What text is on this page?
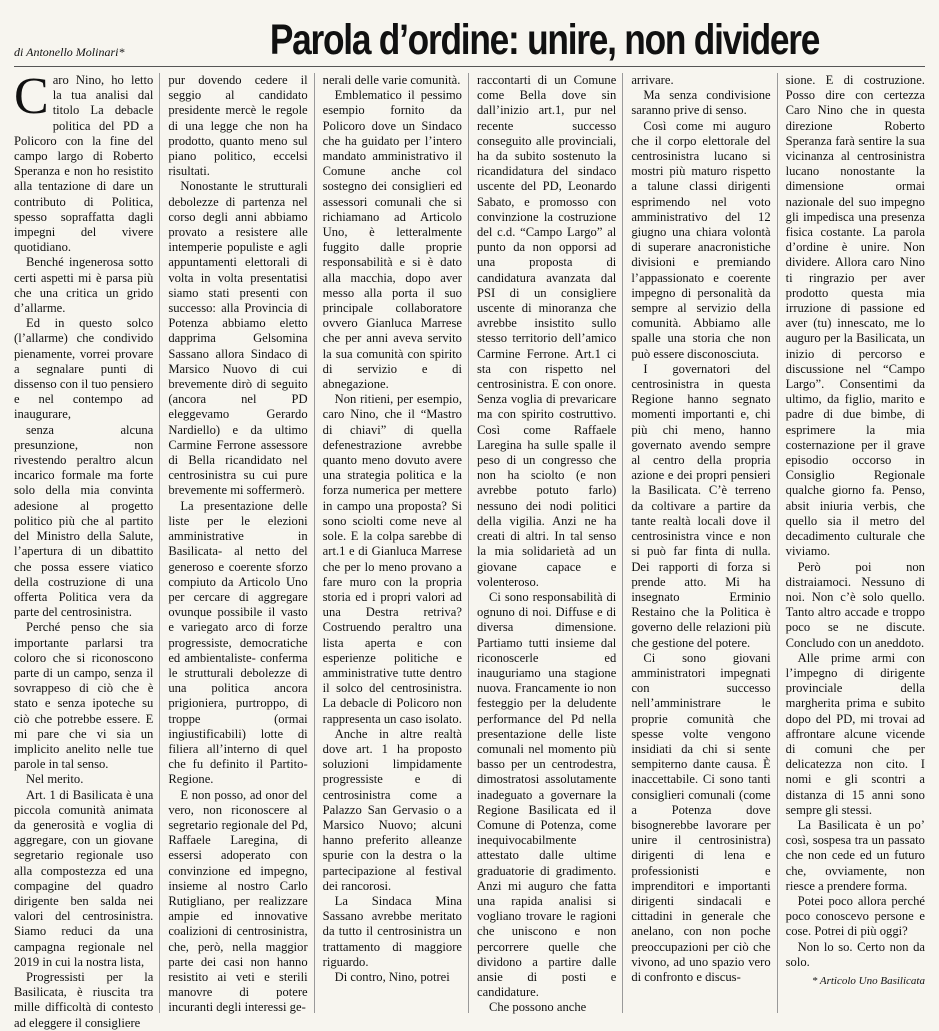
di Antonello Molinari*	Parola d’ordine: unire, non dividere

Caro Nino, ho letto la tua analisi dal titolo La debacle politica del PD a Policoro con la fine del campo largo di Roberto Speranza e non ho resistito alla tentazione di dare un contributo di Politica, spesso sopraffatta dagli impegni del vivere quotidiano.

Benché ingenerosa sotto certi aspetti mi è parsa più che una critica un grido d’allarme.

Ed in questo solco (l’allarme) che condivido pienamente, vorrei provare a segnalare punti di dissenso con il tuo pensiero e nel contempo ad inaugurare,

senza alcuna presunzione, non rivestendo peraltro alcun incarico formale ma forte solo della mia convinta adesione al progetto politico più che al partito del Ministro della Salute, l’apertura di un dibattito che possa essere viatico della costruzione di una offerta Politica vera da parte del centrosinistra.

Perché penso che sia importante parlarsi tra coloro che si riconoscono parte di un campo, senza il sovrappeso di ciò che è stato e senza ipoteche su ciò che potrebbe essere. E mi pare che vi sia un implicito anelito nelle tue parole in tal senso.

Nel merito.

Art. 1 di Basilicata è una piccola comunità animata da generosità e voglia di aggregare, con un giovane segretario regionale uso alla compostezza ed una compagine del quadro dirigente ben salda nei valori del centrosinistra. Siamo reduci da una campagna regionale nel 2019 in cui la nostra lista,

Progressisti per la Basilicata, è riuscita tra mille difficoltà di contesto ad eleggere il consigliere

pur dovendo cedere il seggio al candidato presidente mercè le regole di una legge che non ha prodotto, quanto meno sul piano politico, eccelsi risultati.

Nonostante le strutturali debolezze di partenza nel corso degli anni abbiamo provato a resistere alle intemperie populiste e agli appuntamenti elettorali di volta in volta presentatisi siamo stati presenti con successo: alla Provincia di Potenza abbiamo eletto dapprima Gelsomina Sassano allora Sindaco di Marsico Nuovo di cui brevemente dirò di seguito (ancora nel PD eleggevamo Gerardo Nardiello) e da ultimo Carmine Ferrone assessore di Bella ricandidato nel centrosinistra su cui pure brevemente mi soffermerò.

La presentazione delle liste per le elezioni amministrative in Basilicata- al netto del generoso e coerente sforzo compiuto da Articolo Uno per cercare di aggregare ovunque possibile il vasto e variegato arco di forze progressiste, democratiche ed ambientaliste- conferma le strutturali debolezze di una politica ancora prigioniera, purtroppo, di troppe (ormai ingiustificabili) lotte di filiera all’interno di quel che fu definito il Partito-Regione.

E non posso, ad onor del vero, non riconoscere al segretario regionale del Pd, Raffaele Laregina, di essersi adoperato con convinzione ed impegno, insieme al nostro Carlo Rutigliano, per realizzare ampie ed innovative coalizioni di centrosinistra, che, però, nella maggior parte dei casi non hanno resistito ai veti e sterili manovre di potere incuranti degli interessi ge-

nerali delle varie comunità.

Emblematico il pessimo esempio fornito da Policoro dove un Sindaco che ha guidato per l’intero mandato amministrativo il Comune anche col sostegno dei consiglieri ed assessori comunali che si richiamano ad Articolo Uno, è letteralmente fuggito dalle proprie responsabilità e si è dato alla macchia, dopo aver messo alla porta il suo principale collaboratore ovvero Gianluca Marrese che per anni aveva servito la sua comunità con spirito di servizio e di abnegazione.

Non ritieni, per esempio, caro Nino, che il “Mastro di chiavi” di quella defenestrazione avrebbe quanto meno dovuto avere una strategia politica e la forza numerica per mettere in campo una proposta? Si sono sciolti come neve al sole. E la colpa sarebbe di art.1 e di Gianluca Marrese che per lo meno provano a fare muro con la propria storia ed i propri valori ad una Destra retriva? Costruendo peraltro una lista aperta e con esperienze politiche e amministrative tutte dentro il solco del centrosinistra. La debacle di Policoro non rappresenta un caso isolato.

Anche in altre realtà dove art. 1 ha proposto soluzioni limpidamente progressiste e di centrosinistra come a Palazzo San Gervasio o a Marsico Nuovo; alcuni hanno preferito alleanze spurie con la destra o la partecipazione al festival dei rancorosi.

La Sindaca Mina Sassano avrebbe meritato da tutto il centrosinistra un trattamento di maggiore riguardo.

Di contro, Nino, potrei

raccontarti di un Comune come Bella dove sin dall’inizio art.1, pur nel recente successo conseguito alle provinciali, ha da subito sostenuto la ricandidatura del sindaco uscente del PD, Leonardo Sabato, e promosso con convinzione la costruzione del c.d. “Campo Largo” al punto da non opporsi ad una proposta di candidatura avanzata dal PSI di un consigliere uscente di minoranza che avrebbe insistito sullo stesso territorio dell’amico Carmine Ferrone. Art.1 ci sta con rispetto nel centrosinistra. E con onore. Senza voglia di prevaricare ma con spirito costruttivo. Così come Raffaele Laregina ha sulle spalle il peso di un congresso che non ha sciolto (e non avrebbe potuto farlo) nessuno dei nodi politici della vigilia. Anzi ne ha creati di altri. In tal senso la mia solidarietà ad un giovane capace e volenteroso.

Ci sono responsabilità di ognuno di noi. Diffuse e di diversa dimensione. Partiamo tutti insieme dal riconoscerle ed inauguriamo una stagione nuova. Francamente io non festeggio per la deludente performance del Pd nella presentazione delle liste comunali nel momento più basso per un centrodestra, dimostratosi assolutamente inadeguato a governare la Regione Basilicata ed il Comune di Potenza, come inequivocabilmente attestato dalle ultime graduatorie di gradimento. Anzi mi auguro che fatta una rapida analisi si vogliano trovare le ragioni che uniscono e non percorrere quelle che dividono a partire dalle ansie di posti e candidature.

Che possono anche

arrivare.

Ma senza condivisione saranno prive di senso.

Così come mi auguro che il corpo elettorale del centrosinistra lucano si mostri più maturo rispetto a talune classi dirigenti esprimendo nel voto amministrativo del 12 giugno una chiara volontà di superare anacronistiche divisioni e premiando l’appassionato e coerente impegno di personalità da sempre al servizio della comunità. Abbiamo alle spalle una storia che non può essere disconosciuta.

I governatori del centrosinistra in questa Regione hanno segnato momenti importanti e, chi più chi meno, hanno governato avendo sempre al centro della propria azione e dei propri pensieri la Basilicata. C’è terreno da coltivare a partire da tante realtà locali dove il centrosinistra vince e non si può far finta di nulla. Dei rapporti di forza si prende atto. Mi ha insegnato Erminio Restaino che la Politica è governo delle relazioni più che gestione del potere.

Ci sono giovani amministratori impegnati con successo nell’amministrare le proprie comunità che spesse volte vengono insidiati da chi si sente sempiterno dante causa. È inaccettabile. Ci sono tanti consiglieri comunali (come a Potenza dove bisognerebbe lavorare per unire il centrosinistra) dirigenti di lena e professionisti e imprenditori e importanti dirigenti sindacali e cittadini in generale che anelano, con non poche preoccupazioni per ciò che vivono, ad uno spazio vero di confronto e discus-

sione. E di costruzione. Posso dire con certezza Caro Nino che in questa direzione Roberto Speranza farà sentire la sua vicinanza al centrosinistra lucano nonostante la dimensione ormai nazionale del suo impegno gli impedisca una presenza fisica costante. La parola d’ordine è unire. Non dividere. Allora caro Nino ti ringrazio per aver prodotto questa mia irruzione di passione ed aver (tu) innescato, me lo auguro per la Basilicata, un inizio di percorso e discussione nel “Campo Largo”. Consentimi da ultimo, da figlio, marito e padre di due bimbe, di esprimere la mia costernazione per il grave episodio occorso in Consiglio Regionale qualche giorno fa. Penso, absit iniuria verbis, che quello sia il metro del decadimento culturale che viviamo.

Però poi non distraiamoci. Nessuno di noi. Non c’è solo quello. Tanto altro accade e troppo poco se ne discute. Concludo con un aneddoto.

Alle prime armi con l’impegno di dirigente provinciale della margherita prima e subito dopo del PD, mi trovai ad affrontare alcune vicende di comuni che per delicatezza non cito. I nomi e gli scontri a distanza di 15 anni sono sempre gli stessi.

La Basilicata è un po’ così, sospesa tra un passato che non cede ed un futuro che, ovviamente, non riesce a prendere forma.

Potei poco allora perché poco conoscevo persone e cose. Potrei di più oggi?

Non lo so. Certo non da solo.

* Articolo Uno Basilicata
